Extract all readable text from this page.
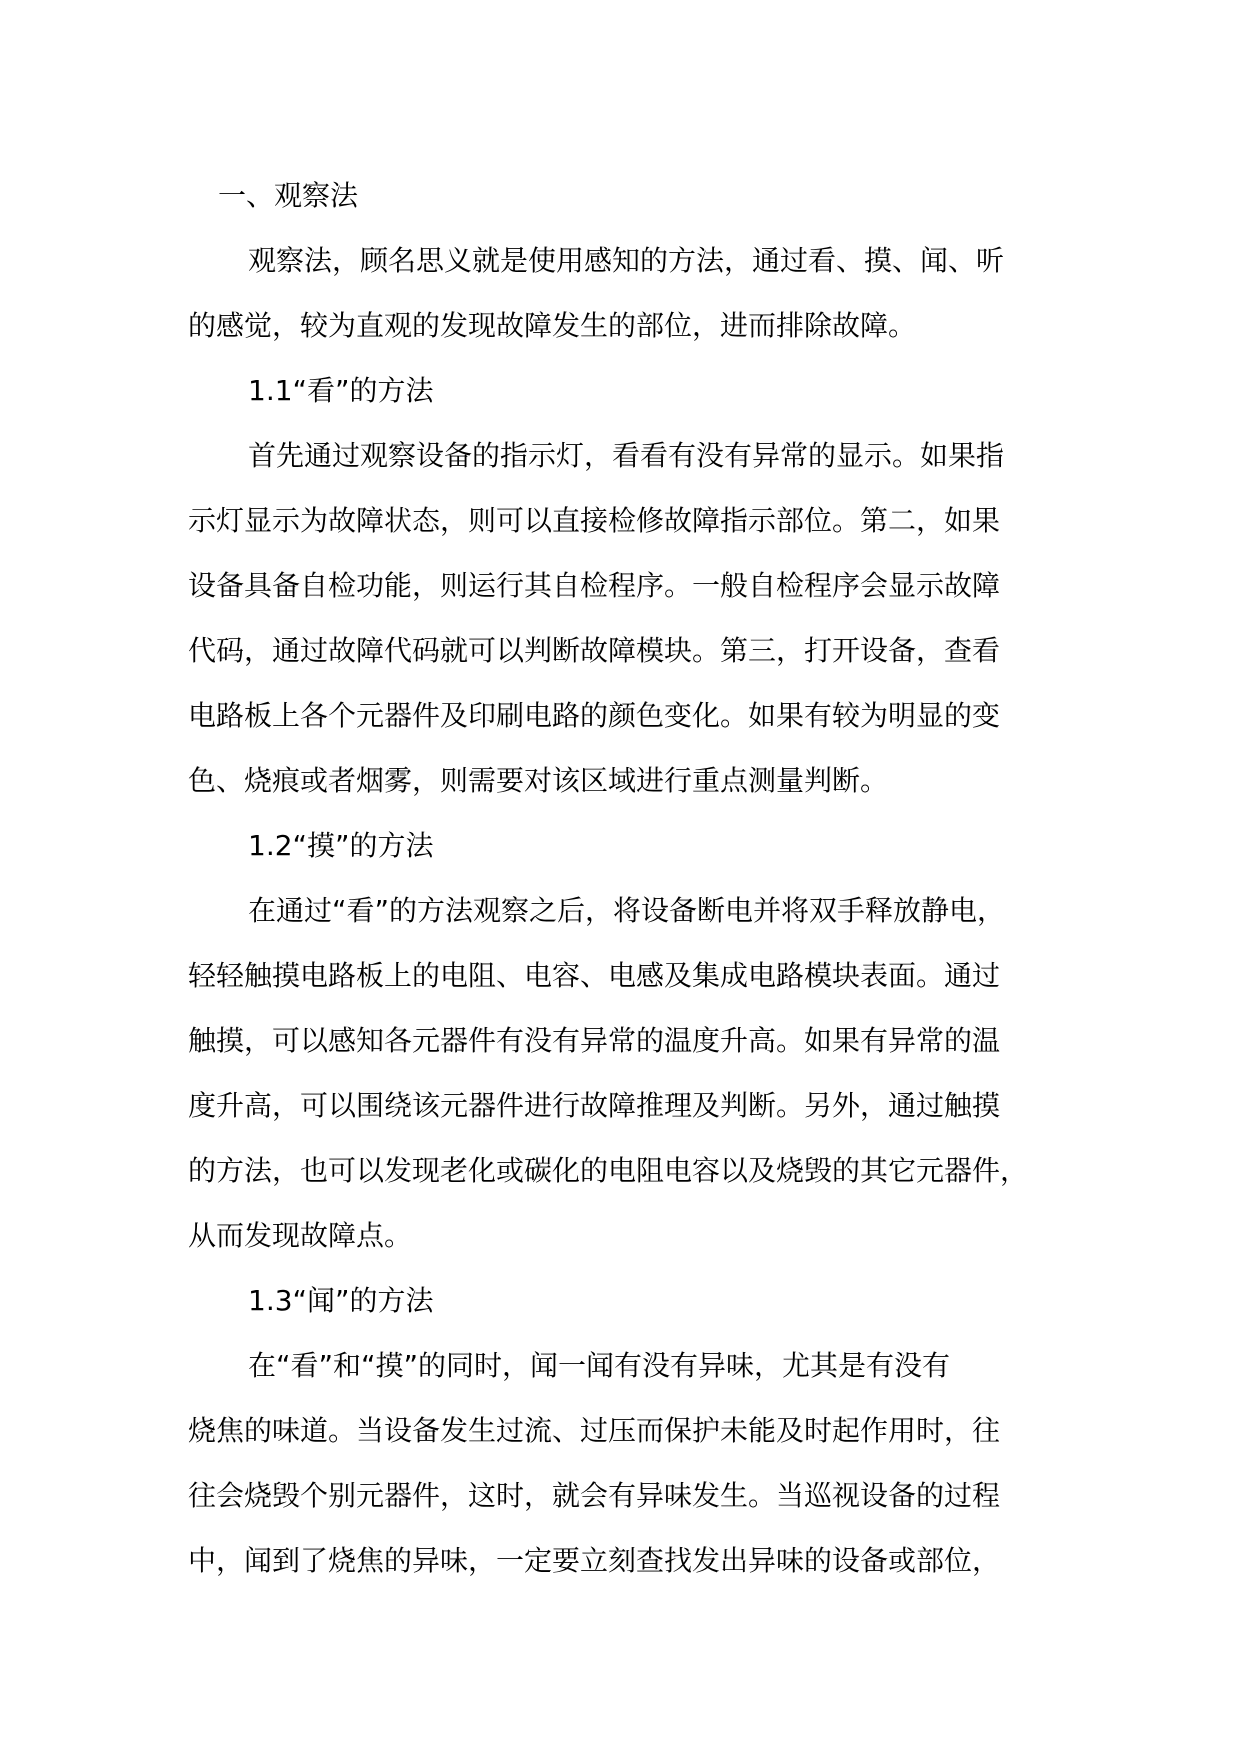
一、观察法
观察法，顾名思义就是使用感知的方法，通过看、摸、闻、听
的感觉，较为直观的发现故障发生的部位，进而排除故障。
1.1“看”的方法
首先通过观察设备的指示灯，看看有没有异常的显示。如果指
示灯显示为故障状态，则可以直接检修故障指示部位。第二，如果
设备具备自检功能，则运行其自检程序。一般自检程序会显示故障
代码，通过故障代码就可以判断故障模块。第三，打开设备，查看
电路板上各个元器件及印刷电路的颜色变化。如果有较为明显的变
色、烧痕或者烟雾，则需要对该区域进行重点测量判断。
1.2“摸”的方法
在通过“看”的方法观察之后，将设备断电并将双手释放静电，
轻轻触摸电路板上的电阻、电容、电感及集成电路模块表面。通过
触摸，可以感知各元器件有没有异常的温度升高。如果有异常的温
度升高，可以围绕该元器件进行故障推理及判断。另外，通过触摸
的方法，也可以发现老化或碳化的电阻电容以及烧毁的其它元器件，
从而发现故障点。
1.3“闻”的方法
在“看”和“摸”的同时，闻一闻有没有异味，尤其是有没有
烧焦的味道。当设备发生过流、过压而保护未能及时起作用时，往
往会烧毁个别元器件，这时，就会有异味发生。当巡视设备的过程
中，闻到了烧焦的异味，一定要立刻查找发出异味的设备或部位，
